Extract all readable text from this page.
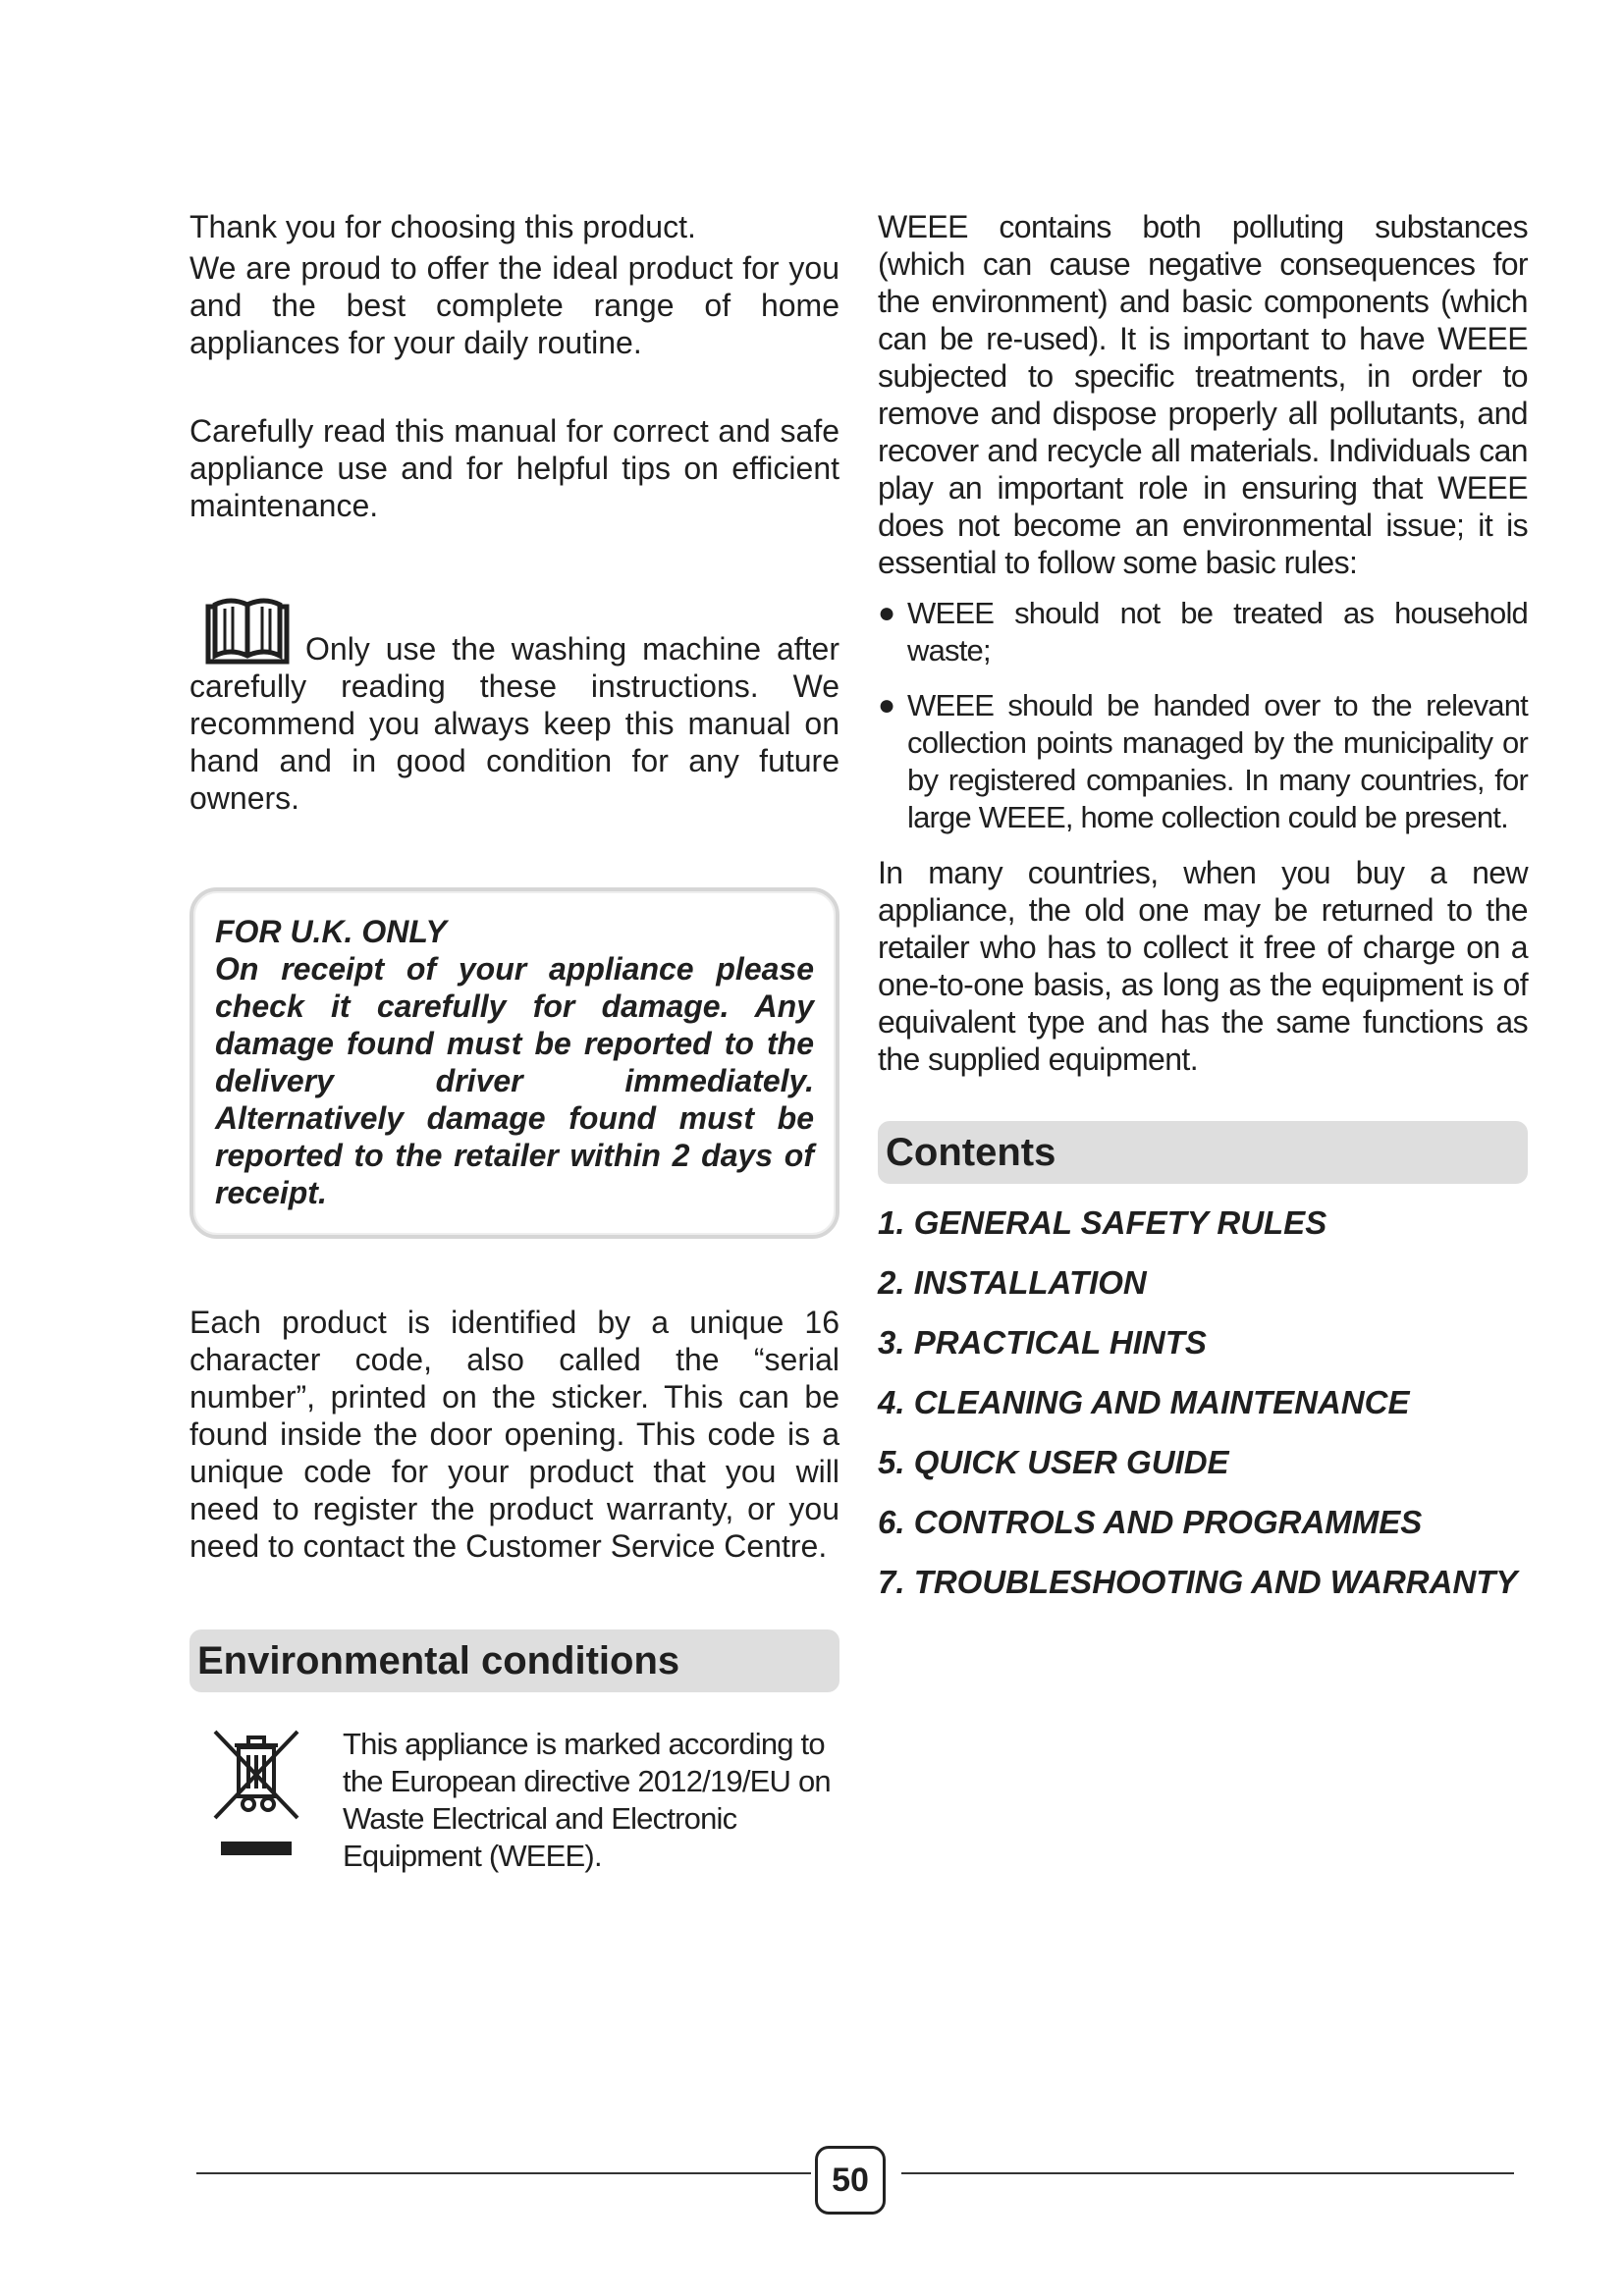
Thank you for choosing this product.

We are proud to offer the ideal product for you and the best complete range of home appliances for your daily routine.

Carefully read this manual for correct and safe appliance use and for helpful tips on efficient maintenance.

Only use the washing machine after carefully reading these instructions. We recommend you always keep this manual on hand and in good condition for any future owners.

FOR U.K. ONLY

On receipt of your appliance please check it carefully for damage. Any damage found must be reported to the delivery driver immediately. Alternatively damage found must be reported to the retailer within 2 days of receipt.

Each product is identified by a unique 16 character code, also called the “serial number”, printed on the sticker. This can be found inside the door opening. This code is a unique code for your product that you will need to register the product warranty, or you need to contact the Customer Service Centre.

Environmental conditions

This appliance is marked according to the European directive 2012/19/EU on Waste Electrical and Electronic Equipment (WEEE).

WEEE contains both polluting substances (which can cause negative consequences for the environment) and basic components (which can be re-used). It is important to have WEEE subjected to specific treatments, in order to remove and dispose properly all pollutants, and recover and recycle all materials. Individuals can play an important role in ensuring that WEEE does not become an environmental issue; it is essential to follow some basic rules:

● WEEE should not be treated as household waste;
● WEEE should be handed over to the relevant collection points managed by the municipality or by registered companies. In many countries, for large WEEE, home collection could be present.

In many countries, when you buy a new appliance, the old one may be returned to the retailer who has to collect it free of charge on a one-to-one basis, as long as the equipment is of equivalent type and has the same functions as the supplied equipment.

Contents
1. GENERAL SAFETY RULES
2. INSTALLATION
3. PRACTICAL HINTS
4. CLEANING AND MAINTENANCE
5. QUICK USER GUIDE
6. CONTROLS AND PROGRAMMES
7. TROUBLESHOOTING AND WARRANTY
50
